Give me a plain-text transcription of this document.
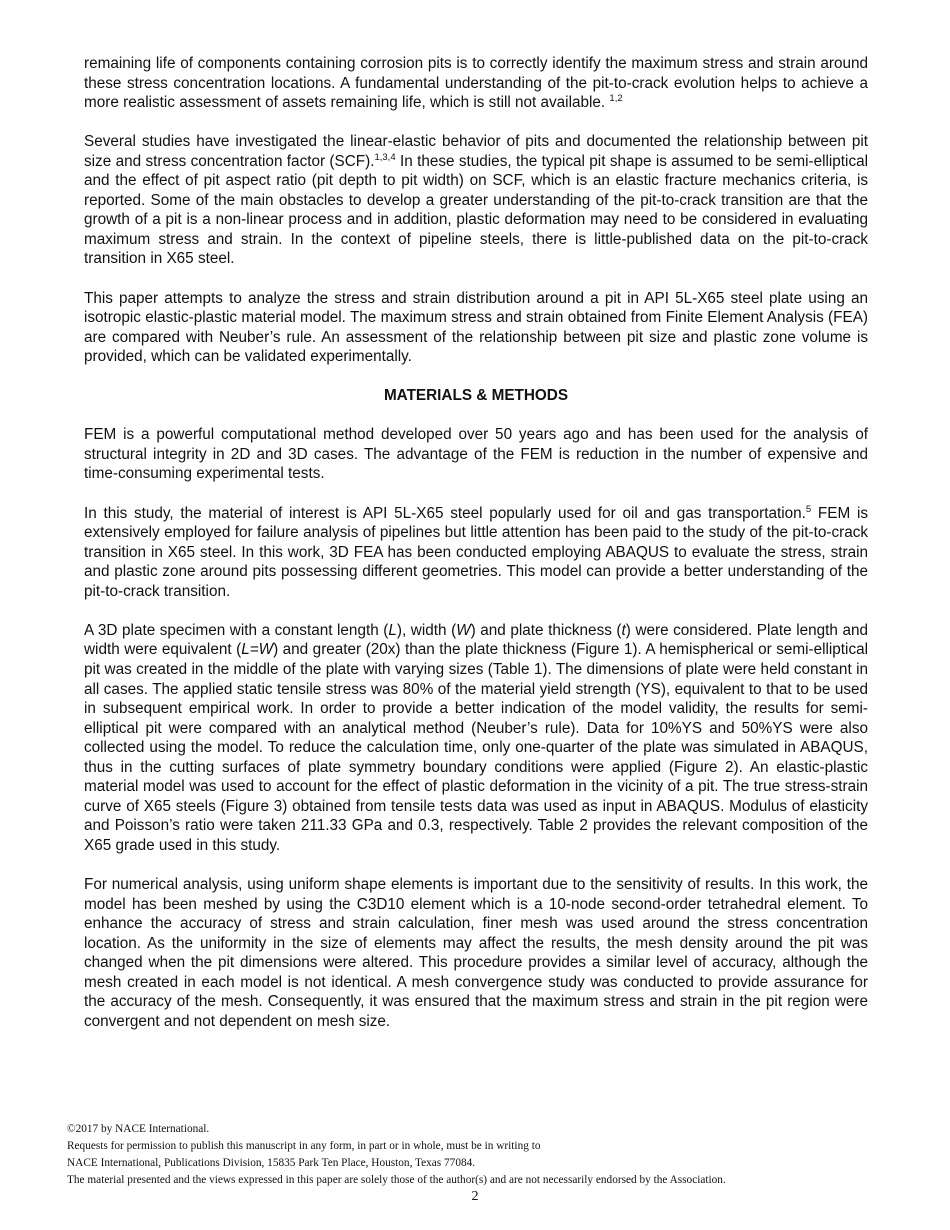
remaining life of components containing corrosion pits is to correctly identify the maximum stress and strain around these stress concentration locations. A fundamental understanding of the pit-to-crack evolution helps to achieve a more realistic assessment of assets remaining life, which is still not available. $^{1,2}$

Several studies have investigated the linear-elastic behavior of pits and documented the relationship between pit size and stress concentration factor (SCF).$^{1,3,4}$ In these studies, the typical pit shape is assumed to be semi-elliptical and the effect of pit aspect ratio (pit depth to pit width) on SCF, which is an elastic fracture mechanics criteria, is reported. Some of the main obstacles to develop a greater understanding of the pit-to-crack transition are that the growth of a pit is a non-linear process and in addition, plastic deformation may need to be considered in evaluating maximum stress and strain. In the context of pipeline steels, there is little-published data on the pit-to-crack transition in X65 steel.

This paper attempts to analyze the stress and strain distribution around a pit in API 5L-X65 steel plate using an isotropic elastic-plastic material model. The maximum stress and strain obtained from Finite Element Analysis (FEA) are compared with Neuber’s rule. An assessment of the relationship between pit size and plastic zone volume is provided, which can be validated experimentally.

MATERIALS & METHODS

FEM is a powerful computational method developed over 50 years ago and has been used for the analysis of structural integrity in 2D and 3D cases. The advantage of the FEM is reduction in the number of expensive and time-consuming experimental tests.

In this study, the material of interest is API 5L-X65 steel popularly used for oil and gas transportation.$^5$ FEM is extensively employed for failure analysis of pipelines but little attention has been paid to the study of the pit-to-crack transition in X65 steel. In this work, 3D FEA has been conducted employing ABAQUS to evaluate the stress, strain and plastic zone around pits possessing different geometries. This model can provide a better understanding of the pit-to-crack transition.

A 3D plate specimen with a constant length (L), width (W) and plate thickness (t) were considered. Plate length and width were equivalent (L=W) and greater (20x) than the plate thickness (Figure 1). A hemispherical or semi-elliptical pit was created in the middle of the plate with varying sizes (Table 1). The dimensions of plate were held constant in all cases. The applied static tensile stress was 80% of the material yield strength (YS), equivalent to that to be used in subsequent empirical work. In order to provide a better indication of the model validity, the results for semi-elliptical pit were compared with an analytical method (Neuber’s rule). Data for 10%YS and 50%YS were also collected using the model. To reduce the calculation time, only one-quarter of the plate was simulated in ABAQUS, thus in the cutting surfaces of plate symmetry boundary conditions were applied (Figure 2). An elastic-plastic material model was used to account for the effect of plastic deformation in the vicinity of a pit. The true stress-strain curve of X65 steels (Figure 3) obtained from tensile tests data was used as input in ABAQUS. Modulus of elasticity and Poisson’s ratio were taken 211.33 GPa and 0.3, respectively. Table 2 provides the relevant composition of the X65 grade used in this study.

For numerical analysis, using uniform shape elements is important due to the sensitivity of results. In this work, the model has been meshed by using the C3D10 element which is a 10-node second-order tetrahedral element. To enhance the accuracy of stress and strain calculation, finer mesh was used around the stress concentration location. As the uniformity in the size of elements may affect the results, the mesh density around the pit was changed when the pit dimensions were altered. This procedure provides a similar level of accuracy, although the mesh created in each model is not identical. A mesh convergence study was conducted to provide assurance for the accuracy of the mesh. Consequently, it was ensured that the maximum stress and strain in the pit region were convergent and not dependent on mesh size.

©2017 by NACE International.
Requests for permission to publish this manuscript in any form, in part or in whole, must be in writing to
NACE International, Publications Division, 15835 Park Ten Place, Houston, Texas 77084.
The material presented and the views expressed in this paper are solely those of the author(s) and are not necessarily endorsed by the Association.
2
